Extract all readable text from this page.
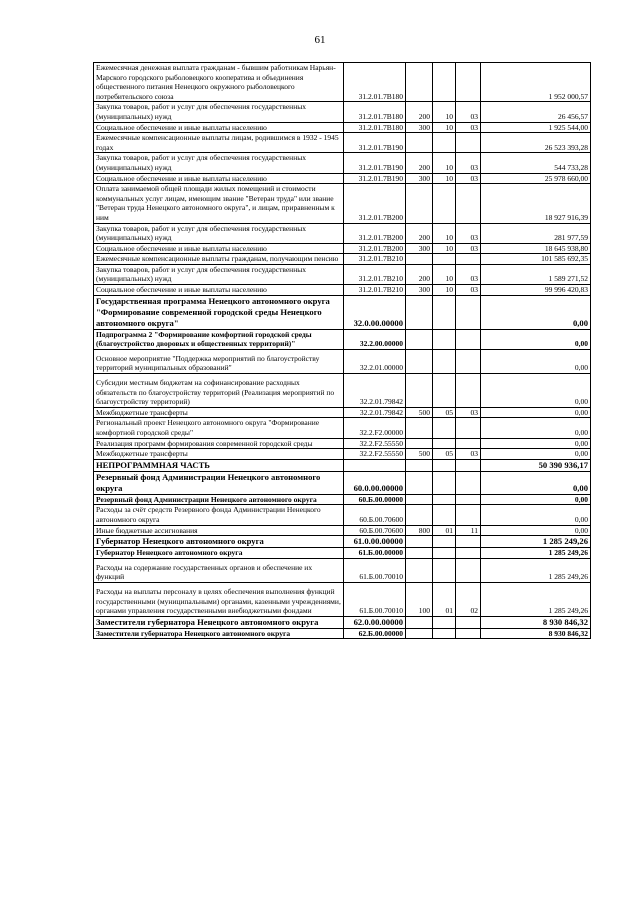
61
Ежемесячная денежная выплата гражданам - бывшим работникам Нарьян-Марского городского рыболовецкого кооператива и объединения общественного питания Ненецкого окружного рыболовецкого потребительского союза	31.2.01.7В180				1 952 000,57
Закупка товаров, работ и услуг для обеспечения государственных (муниципальных) нужд	31.2.01.7В180	200	10	03	26 456,57
Социальное обеспечение и иные выплаты населению	31.2.01.7В180	300	10	03	1 925 544,00
Ежемесячные компенсационные выплаты лицам, родившимся в 1932 - 1945 годах	31.2.01.7В190				26 523 393,28
Закупка товаров, работ и услуг для обеспечения государственных (муниципальных) нужд	31.2.01.7В190	200	10	03	544 733,28
Социальное обеспечение и иные выплаты населению	31.2.01.7В190	300	10	03	25 978 660,00
Оплата занимаемой общей площади жилых помещений и стоимости коммунальных услуг лицам, имеющим звание "Ветеран труда" или звание "Ветеран труда Ненецкого автономного округа", и лицам, приравненным к ним	31.2.01.7В200				18 927 916,39
Закупка товаров, работ и услуг для обеспечения государственных (муниципальных) нужд	31.2.01.7В200	200	10	03	281 977,59
Социальное обеспечение и иные выплаты населению	31.2.01.7В200	300	10	03	18 645 938,80
Ежемесячные компенсационные выплаты гражданам, получающим пенсию	31.2.01.7В210				101 585 692,35
Закупка товаров, работ и услуг для обеспечения государственных (муниципальных) нужд	31.2.01.7В210	200	10	03	1 589 271,52
Социальное обеспечение и иные выплаты населению	31.2.01.7В210	300	10	03	99 996 420,83
Государственная программа Ненецкого автономного округа "Формирование современной городской среды Ненецкого автономного округа"	32.0.00.00000				0,00
Подпрограмма 2 "Формирование комфортной городской среды (благоустройство дворовых и общественных территорий)"	32.2.00.00000				0,00
Основное мероприятие "Поддержка мероприятий по благоустройству территорий муниципальных образований"	32.2.01.00000				0,00
Субсидии местным бюджетам на софинансирование расходных обязательств по благоустройству территорий (Реализация мероприятий по благоустройству территорий)	32.2.01.79842				0,00
Межбюджетные трансферты	32.2.01.79842	500	05	03	0,00
Региональный проект Ненецкого автономного округа "Формирование комфортной городской среды"	32.2.F2.00000				0,00
Реализация программ формирования современной городской среды	32.2.F2.55550				0,00
Межбюджетные трансферты	32.2.F2.55550	500	05	03	0,00
НЕПРОГРАММНАЯ ЧАСТЬ					50 390 936,17
Резервный фонд Администрации Ненецкого автономного округа	60.0.00.00000				0,00
Резервный фонд Администрации Ненецкого автономного округа	60.Б.00.00000				0,00
Расходы за счёт средств Резервного фонда Администрации Ненецкого автономного округа	60.Б.00.70600				0,00
Иные бюджетные ассигнования	60.Б.00.70600	800	01	11	0,00
Губернатор Ненецкого автономного округа	61.0.00.00000				1 285 249,26
Губернатор Ненецкого автономного округа	61.Б.00.00000				1 285 249,26
Расходы на содержание государственных органов и обеспечение их функций	61.Б.00.70010				1 285 249,26
Расходы на выплаты персоналу в целях обеспечения выполнения функций государственными (муниципальными) органами, казенными учреждениями, органами управления государственными внебюджетными фондами	61.Б.00.70010	100	01	02	1 285 249,26
Заместители губернатора Ненецкого автономного округа	62.0.00.00000				8 930 846,32
Заместители губернатора Ненецкого автономного округа	62.Б.00.00000				8 930 846,32
